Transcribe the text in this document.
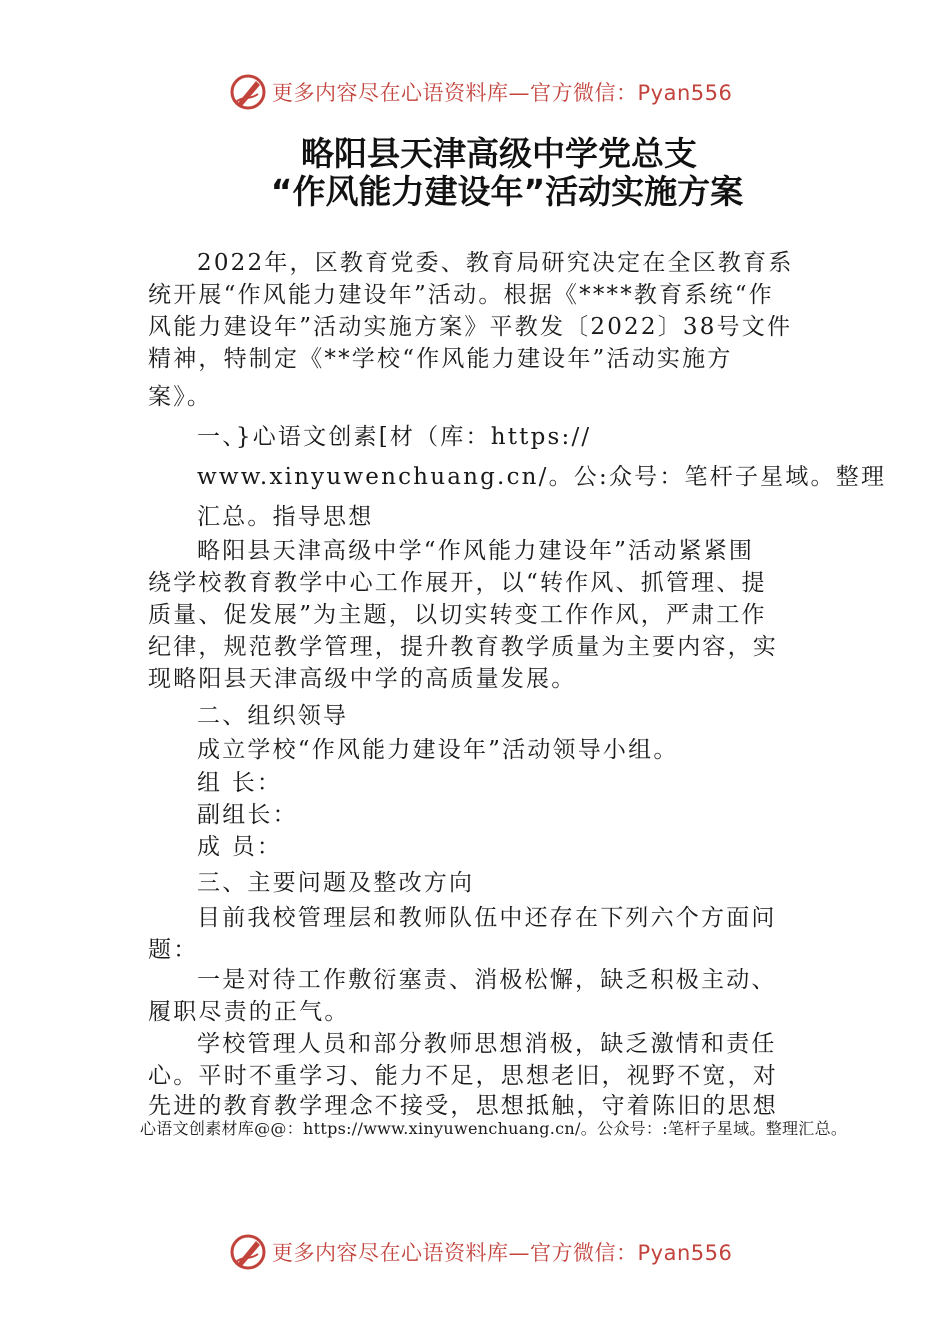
更多内容尽在心语资料库—官方微信：Pyan556
略阳县天津高级中学党总支
“作风能力建设年”活动实施方案
2022年，区教育党委、教育局研究决定在全区教育系
统开展“作风能力建设年”活动。根据《****教育系统“作
风能力建设年”活动实施方案》平教发〔2022〕38号文件
精神，特制定《**学校“作风能力建设年”活动实施方
案》。
一、}心语文创素[材（库：https://
www.xinyuwenchuang.cn/。公:众号：笔杆子星域。整理
汇总。指导思想
略阳县天津高级中学“作风能力建设年”活动紧紧围
绕学校教育教学中心工作展开，以“转作风、抓管理、提
质量、促发展”为主题，以切实转变工作作风，严肃工作
纪律，规范教学管理，提升教育教学质量为主要内容，实
现略阳县天津高级中学的高质量发展。
二、组织领导
成立学校“作风能力建设年”活动领导小组。
组 长：
副组长：
成 员：
三、主要问题及整改方向
目前我校管理层和教师队伍中还存在下列六个方面问
题：
一是对待工作敷衍塞责、消极松懈，缺乏积极主动、
履职尽责的正气。
学校管理人员和部分教师思想消极，缺乏激情和责任
心。平时不重学习、能力不足，思想老旧，视野不宽，对
先进的教育教学理念不接受，思想抵触，守着陈旧的思想
心语文创素材库@@：https://www.xinyuwenchuang.cn/。公众号：:笔杆子星域。整理汇总。
更多内容尽在心语资料库—官方微信：Pyan556
